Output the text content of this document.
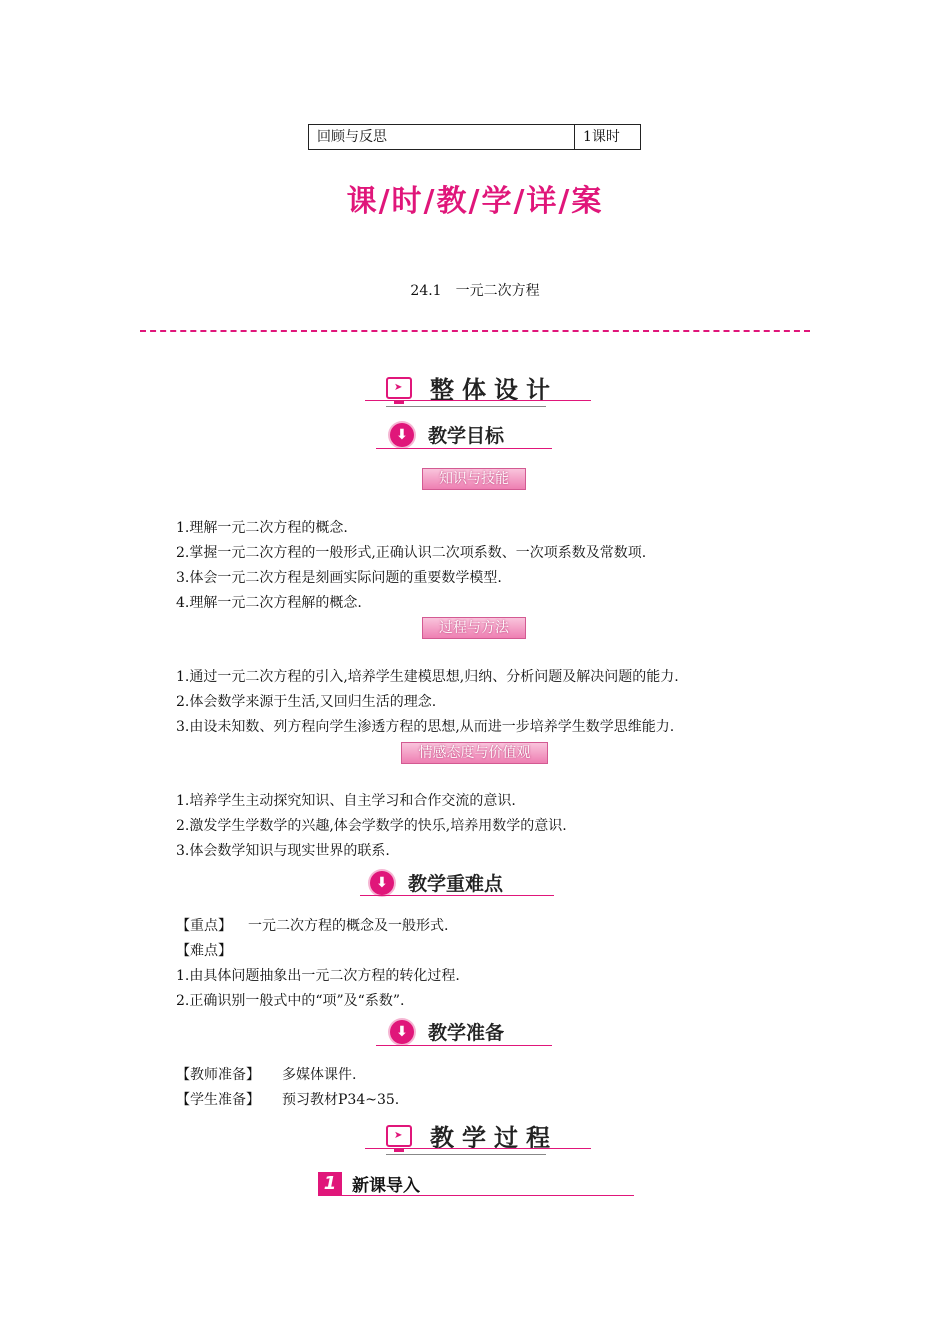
回顾与反思	1课时
课/时/教/学/详/案
24.1　一元二次方程
➤ 整体设计
⬇	教学目标
知识与技能
1.理解一元二次方程的概念.
2.掌握一元二次方程的一般形式,正确认识二次项系数、一次项系数及常数项.
3.体会一元二次方程是刻画实际问题的重要数学模型.
4.理解一元二次方程解的概念.
过程与方法
1.通过一元二次方程的引入,培养学生建模思想,归纳、分析问题及解决问题的能力.
2.体会数学来源于生活,又回归生活的理念.
3.由设未知数、列方程向学生渗透方程的思想,从而进一步培养学生数学思维能力.
情感态度与价值观
1.培养学生主动探究知识、自主学习和合作交流的意识.
2.激发学生学数学的兴趣,体会学数学的快乐,培养用数学的意识.
3.体会数学知识与现实世界的联系.
⬇	教学重难点
【重点】 一元二次方程的概念及一般形式.
【难点】
1.由具体问题抽象出一元二次方程的转化过程.
2.正确识别一般式中的“项”及“系数”.
⬇	教学准备
【教师准备】 多媒体课件.
【学生准备】 预习教材P34~35.
➤ 教学过程
1 新课导入
